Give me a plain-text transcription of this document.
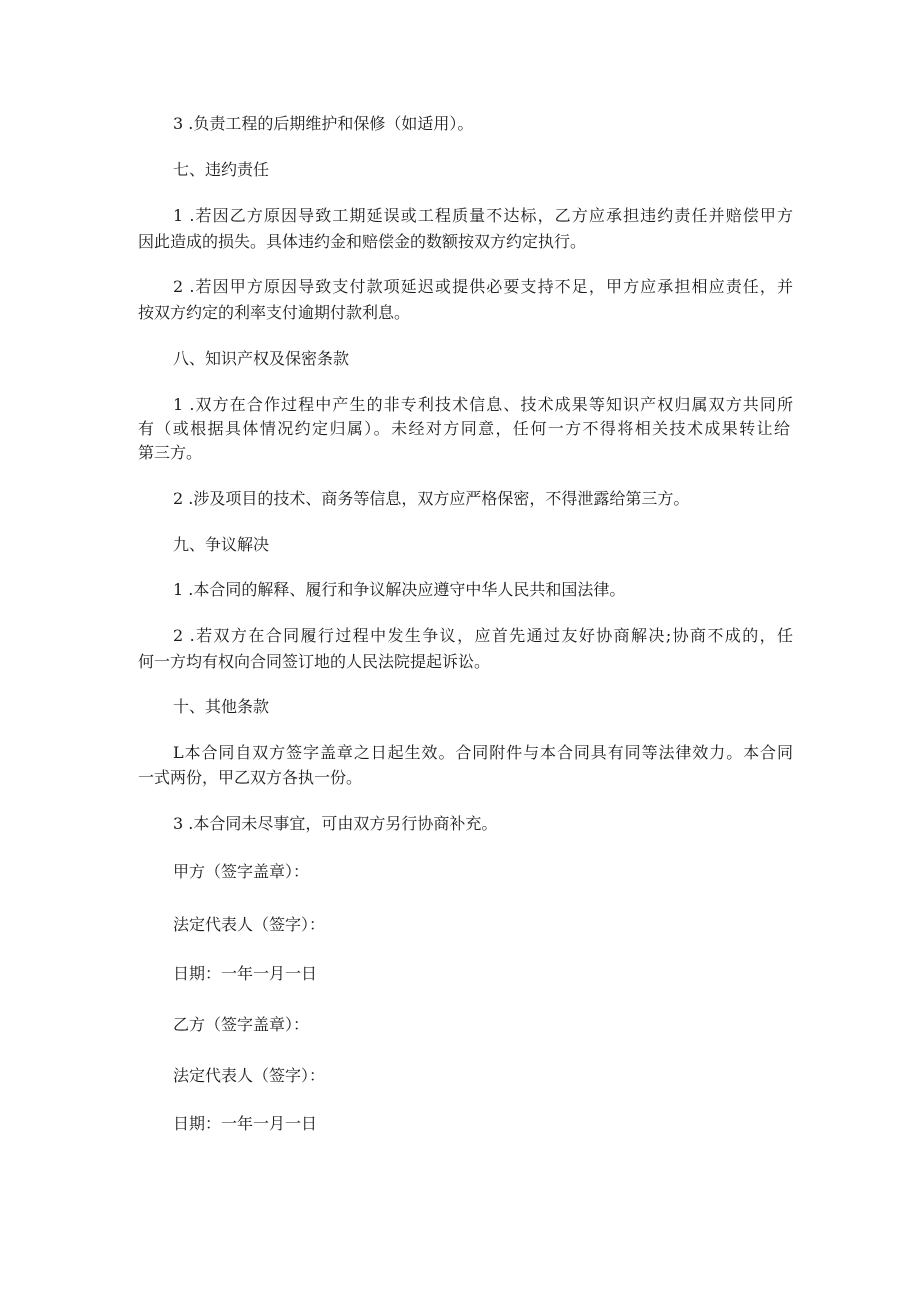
3 .负责工程的后期维护和保修（如适用）。
七、违约责任
1 .若因乙方原因导致工期延误或工程质量不达标，乙方应承担违约责任并赔偿甲方
因此造成的损失。具体违约金和赔偿金的数额按双方约定执行。
2 .若因甲方原因导致支付款项延迟或提供必要支持不足，甲方应承担相应责任，并
按双方约定的利率支付逾期付款利息。
八、知识产权及保密条款
1 .双方在合作过程中产生的非专利技术信息、技术成果等知识产权归属双方共同所
有（或根据具体情况约定归属）。未经对方同意，任何一方不得将相关技术成果转让给
第三方。
2 .涉及项目的技术、商务等信息，双方应严格保密，不得泄露给第三方。
九、争议解决
1 .本合同的解释、履行和争议解决应遵守中华人民共和国法律。
2 .若双方在合同履行过程中发生争议，应首先通过友好协商解决;协商不成的，任
何一方均有权向合同签订地的人民法院提起诉讼。
十、其他条款
L本合同自双方签字盖章之日起生效。合同附件与本合同具有同等法律效力。本合同
一式两份，甲乙双方各执一份。
3 .本合同未尽事宜，可由双方另行协商补充。
甲方（签字盖章）：
法定代表人（签字）：
日期：一年一月一日
乙方（签字盖章）：
法定代表人（签字）：
日期：一年一月一日
